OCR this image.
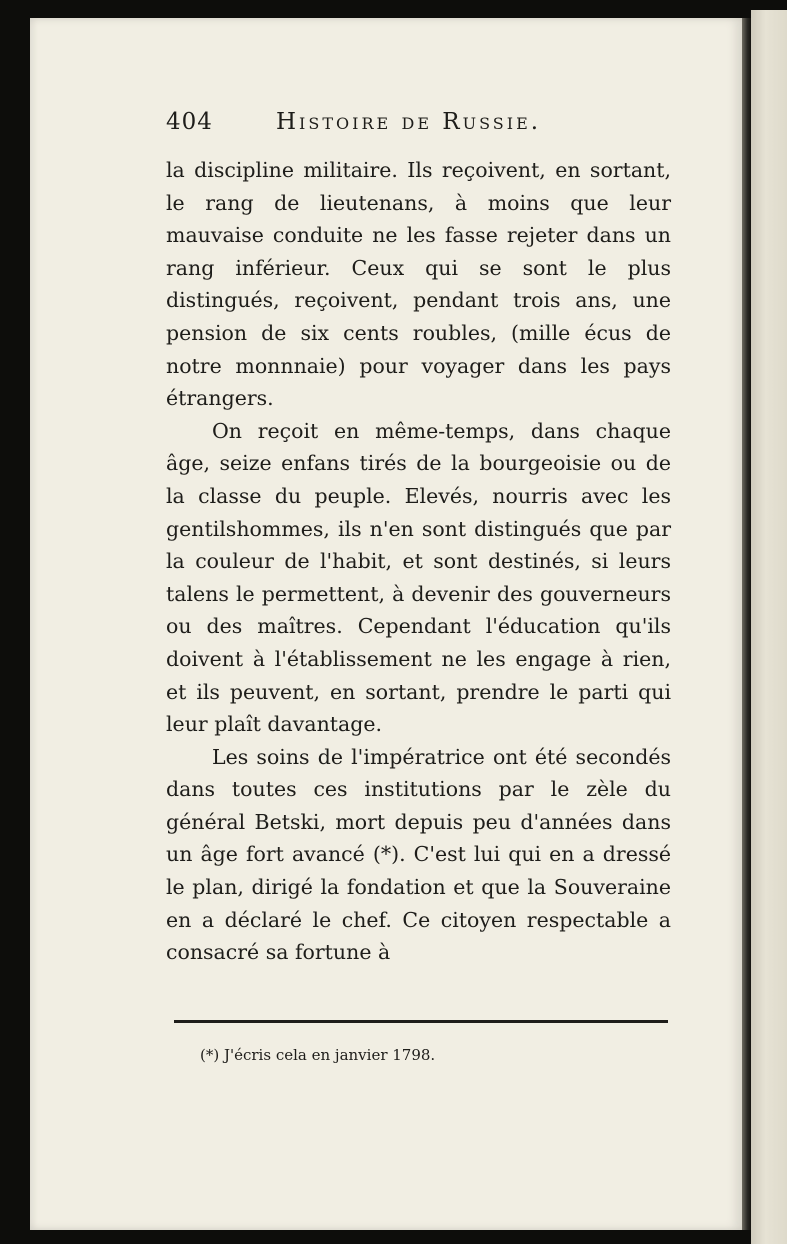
404	Histoire de Russie.

la discipline militaire. Ils reçoivent, en sortant, le rang de lieutenans, à moins que leur mauvaise conduite ne les fasse rejeter dans un rang inférieur. Ceux qui se sont le plus distingués, reçoivent, pendant trois ans, une pension de six cents roubles, (mille écus de notre monnnaie) pour voyager dans les pays étrangers.

On reçoit en même-temps, dans chaque âge, seize enfans tirés de la bourgeoisie ou de la classe du peuple. Elevés, nourris avec les gentilshommes, ils n'en sont distingués que par la couleur de l'habit, et sont destinés, si leurs talens le permettent, à devenir des gouverneurs ou des maîtres. Cependant l'éducation qu'ils doivent à l'établissement ne les engage à rien, et ils peuvent, en sortant, prendre le parti qui leur plaît davantage.

Les soins de l'impératrice ont été secondés dans toutes ces institutions par le zèle du général Betski, mort depuis peu d'années dans un âge fort avancé (*). C'est lui qui en a dressé le plan, dirigé la fondation et que la Souveraine en a déclaré le chef. Ce citoyen respectable a consacré sa fortune à

(*) J'écris cela en janvier 1798.
